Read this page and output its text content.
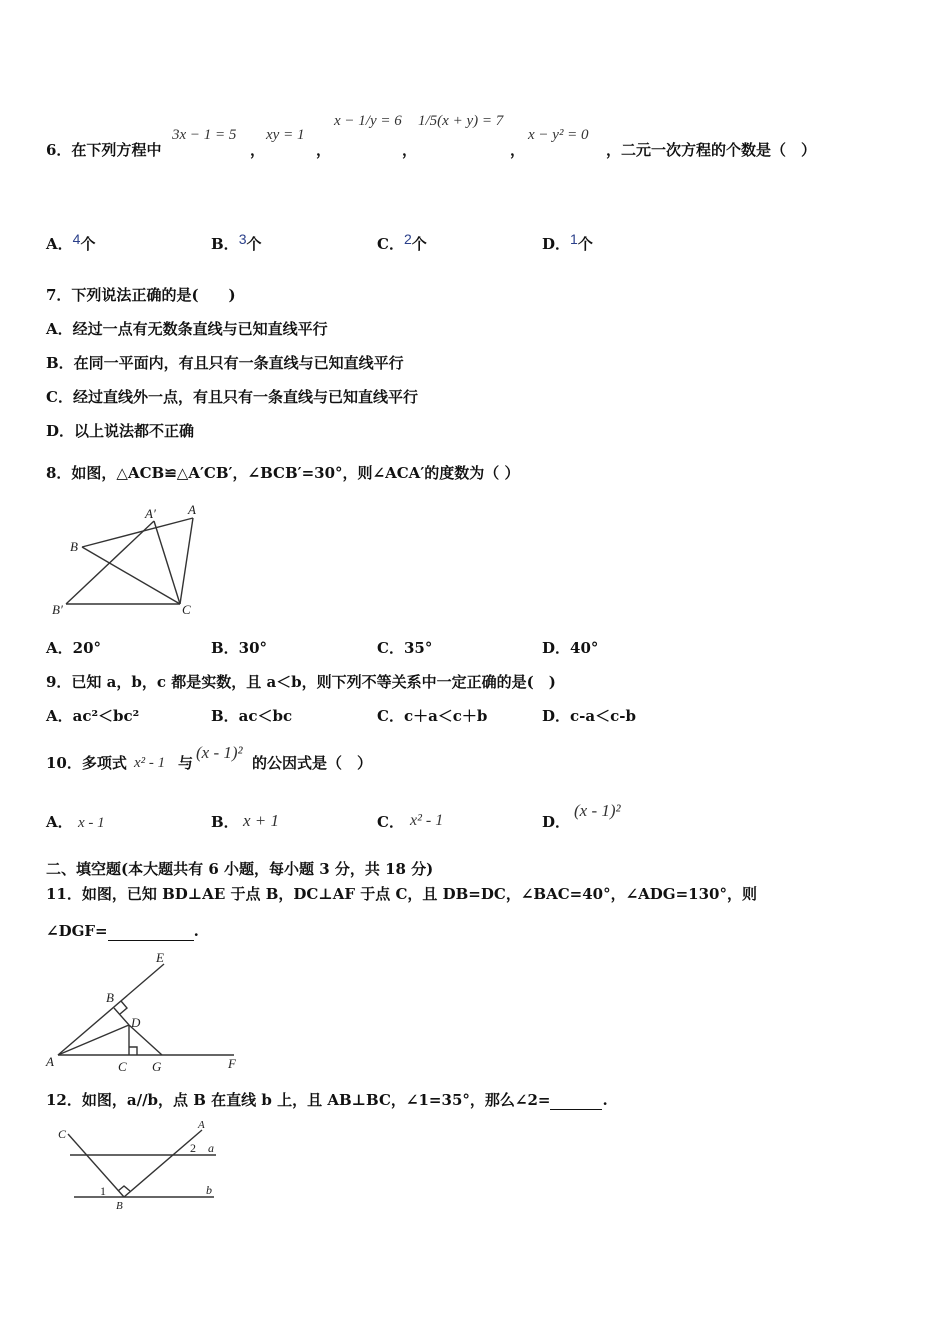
6．在下列方程中
3x − 1 = 5
，
xy = 1
，
x − 1/y = 6
，
1/5(x + y) = 7
，
x − y² = 0
，二元一次方程的个数是（　）
A．4个	B．3个	C．2个	D．1个
7．下列说法正确的是(　　)
A．经过一点有无数条直线与已知直线平行
B．在同一平面内，有且只有一条直线与已知直线平行
C．经过直线外一点，有且只有一条直线与已知直线平行
D．以上说法都不正确
8．如图，△ACB≌△A′CB′，∠BCB′=30°，则∠ACA′的度数为（ ）
A′ A
B
B′	C
A．20°	B．30°	C．35°	D．40°
9．已知 a，b，c 都是实数，且 a＜b，则下列不等关系中一定正确的是(　)
A．ac²＜bc²	B．ac＜bc	C．c＋a＜c＋b	D．c-a＜c-b
10．多项式 x² - 1 与
(x - 1)²
的公因式是（　）
A． x - 1	B． x + 1	C． x² - 1	D．
(x - 1)²
二、填空题(本大题共有 6 小题，每小题 3 分，共 18 分)
11．如图，已知 BD⊥AE 于点 B，DC⊥AF 于点 C，且 DB=DC，∠BAC=40°，∠ADG=130°，则
∠DGF=	.
E
B
D
A	C G	F
12．如图，a//b，点 B 在直线 b 上，且 AB⊥BC，∠1=35°，那么∠2=	.
C
A
2 a
1	b
B
